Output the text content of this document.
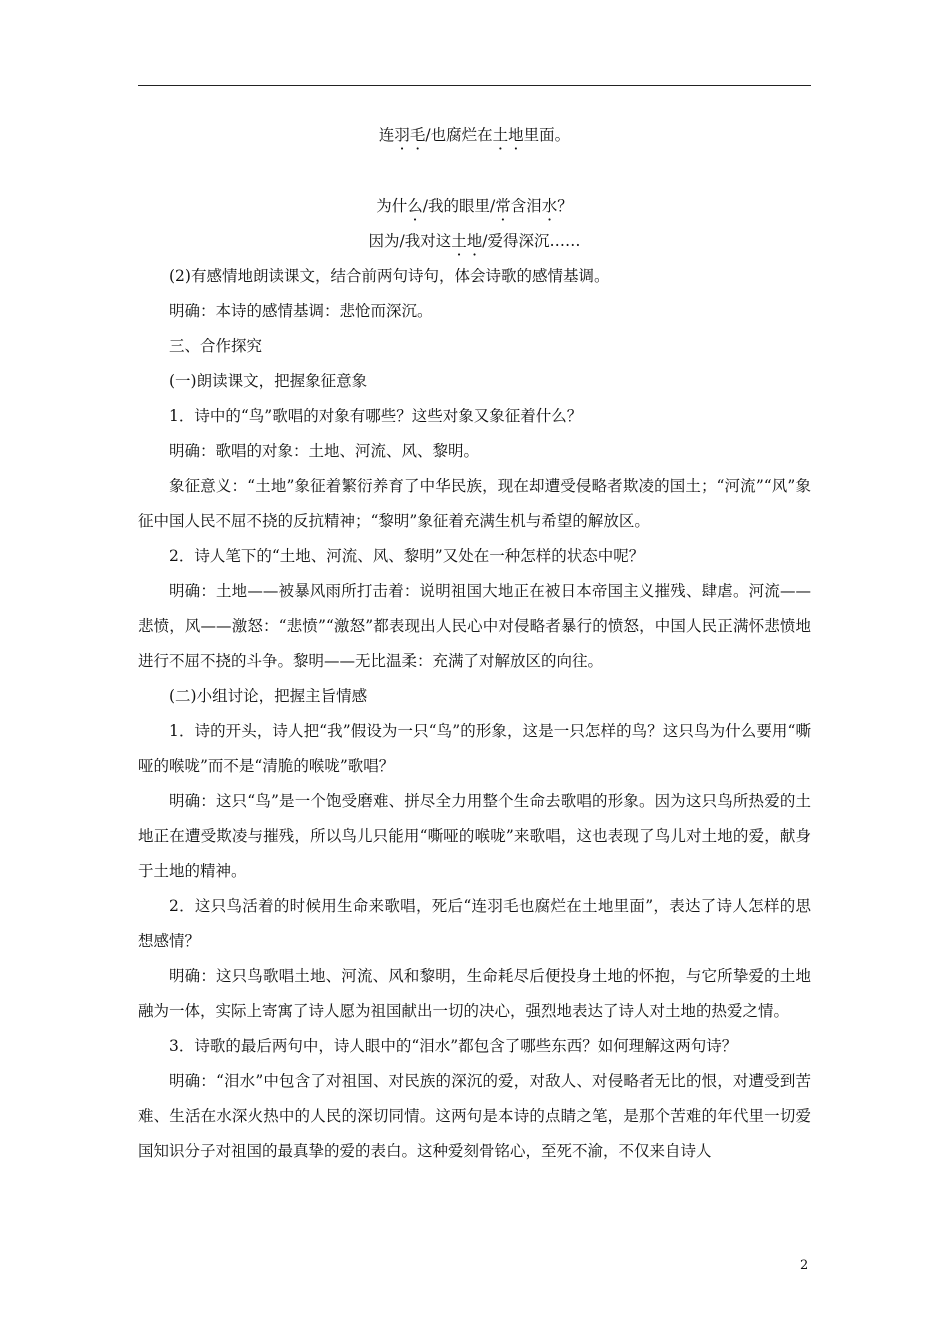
连羽毛/也腐烂在土地里面。
为什么/我的眼里/常含泪水？
因为/我对这土地/爱得深沉……
(2)有感情地朗读课文，结合前两句诗句，体会诗歌的感情基调。
明确：本诗的感情基调：悲怆而深沉。
三、合作探究
(一)朗读课文，把握象征意象
1．诗中的“鸟”歌唱的对象有哪些？这些对象又象征着什么？
明确：歌唱的对象：土地、河流、风、黎明。
象征意义：“土地”象征着繁衍养育了中华民族，现在却遭受侵略者欺凌的国土；“河流”“风”象征中国人民不屈不挠的反抗精神；“黎明”象征着充满生机与希望的解放区。
2．诗人笔下的“土地、河流、风、黎明”又处在一种怎样的状态中呢？
明确：土地——被暴风雨所打击着：说明祖国大地正在被日本帝国主义摧残、肆虐。河流——悲愤，风——激怒：“悲愤”“激怒”都表现出人民心中对侵略者暴行的愤怒，中国人民正满怀悲愤地进行不屈不挠的斗争。黎明——无比温柔：充满了对解放区的向往。
(二)小组讨论，把握主旨情感
1．诗的开头，诗人把“我”假设为一只“鸟”的形象，这是一只怎样的鸟？这只鸟为什么要用“嘶哑的喉咙”而不是“清脆的喉咙”歌唱？
明确：这只“鸟”是一个饱受磨难、拼尽全力用整个生命去歌唱的形象。因为这只鸟所热爱的土地正在遭受欺凌与摧残，所以鸟儿只能用“嘶哑的喉咙”来歌唱，这也表现了鸟儿对土地的爱，献身于土地的精神。
2．这只鸟活着的时候用生命来歌唱，死后“连羽毛也腐烂在土地里面”，表达了诗人怎样的思想感情？
明确：这只鸟歌唱土地、河流、风和黎明，生命耗尽后便投身土地的怀抱，与它所挚爱的土地融为一体，实际上寄寓了诗人愿为祖国献出一切的决心，强烈地表达了诗人对土地的热爱之情。
3．诗歌的最后两句中，诗人眼中的“泪水”都包含了哪些东西？如何理解这两句诗？
明确：“泪水”中包含了对祖国、对民族的深沉的爱，对敌人、对侵略者无比的恨，对遭受到苦难、生活在水深火热中的人民的深切同情。这两句是本诗的点睛之笔，是那个苦难的年代里一切爱国知识分子对祖国的最真挚的爱的表白。这种爱刻骨铭心，至死不渝，不仅来自诗人
2
